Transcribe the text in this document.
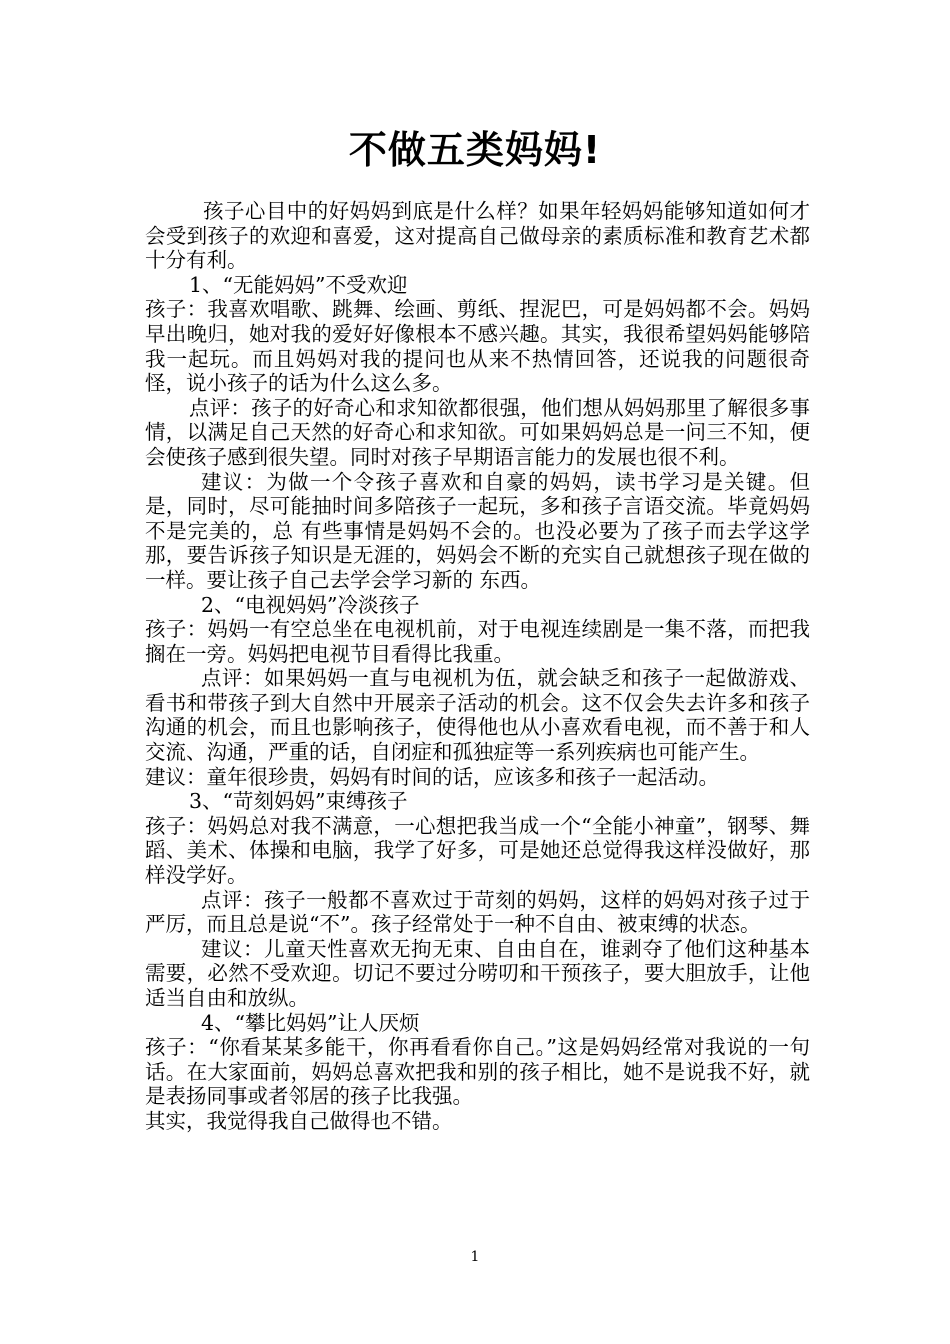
不做五类妈妈!

孩子心目中的好妈妈到底是什么样？如果年轻妈妈能够知道如何才会受到孩子的欢迎和喜爱，这对提高自己做母亲的素质标准和教育艺术都十分有利。

1、“无能妈妈”不受欢迎

孩子：我喜欢唱歌、跳舞、绘画、剪纸、捏泥巴，可是妈妈都不会。妈妈早出晚归，她对我的爱好好像根本不感兴趣。其实，我很希望妈妈能够陪我一起玩。而且妈妈对我的提问也从来不热情回答，还说我的问题很奇怪，说小孩子的话为什么这么多。

点评：孩子的好奇心和求知欲都很强，他们想从妈妈那里了解很多事情，以满足自己天然的好奇心和求知欲。可如果妈妈总是一问三不知，便会使孩子感到很失望。同时对孩子早期语言能力的发展也很不利。

建议：为做一个令孩子喜欢和自豪的妈妈，读书学习是关键。但是，同时，尽可能抽时间多陪孩子一起玩，多和孩子言语交流。毕竟妈妈不是完美的，总 有些事情是妈妈不会的。也没必要为了孩子而去学这学那，要告诉孩子知识是无涯的，妈妈会不断的充实自己就想孩子现在做的一样。要让孩子自己去学会学习新的 东西。

2、“电视妈妈”冷淡孩子

孩子：妈妈一有空总坐在电视机前，对于电视连续剧是一集不落，而把我搁在一旁。妈妈把电视节目看得比我重。

点评：如果妈妈一直与电视机为伍，就会缺乏和孩子一起做游戏、看书和带孩子到大自然中开展亲子活动的机会。这不仅会失去许多和孩子沟通的机会，而且也影响孩子，使得他也从小喜欢看电视，而不善于和人交流、沟通，严重的话，自闭症和孤独症等一系列疾病也可能产生。

建议：童年很珍贵，妈妈有时间的话，应该多和孩子一起活动。

3、“苛刻妈妈”束缚孩子

孩子：妈妈总对我不满意，一心想把我当成一个“全能小神童”，钢琴、舞蹈、美术、体操和电脑，我学了好多，可是她还总觉得我这样没做好，那样没学好。

点评：孩子一般都不喜欢过于苛刻的妈妈，这样的妈妈对孩子过于严厉，而且总是说“不”。孩子经常处于一种不自由、被束缚的状态。

建议：儿童天性喜欢无拘无束、自由自在，谁剥夺了他们这种基本需要，必然不受欢迎。切记不要过分唠叨和干预孩子，要大胆放手，让他适当自由和放纵。

4、“攀比妈妈”让人厌烦

孩子：“你看某某多能干，你再看看你自己。”这是妈妈经常对我说的一句话。在大家面前，妈妈总喜欢把我和别的孩子相比，她不是说我不好，就是表扬同事或者邻居的孩子比我强。

其实，我觉得我自己做得也不错。

1
